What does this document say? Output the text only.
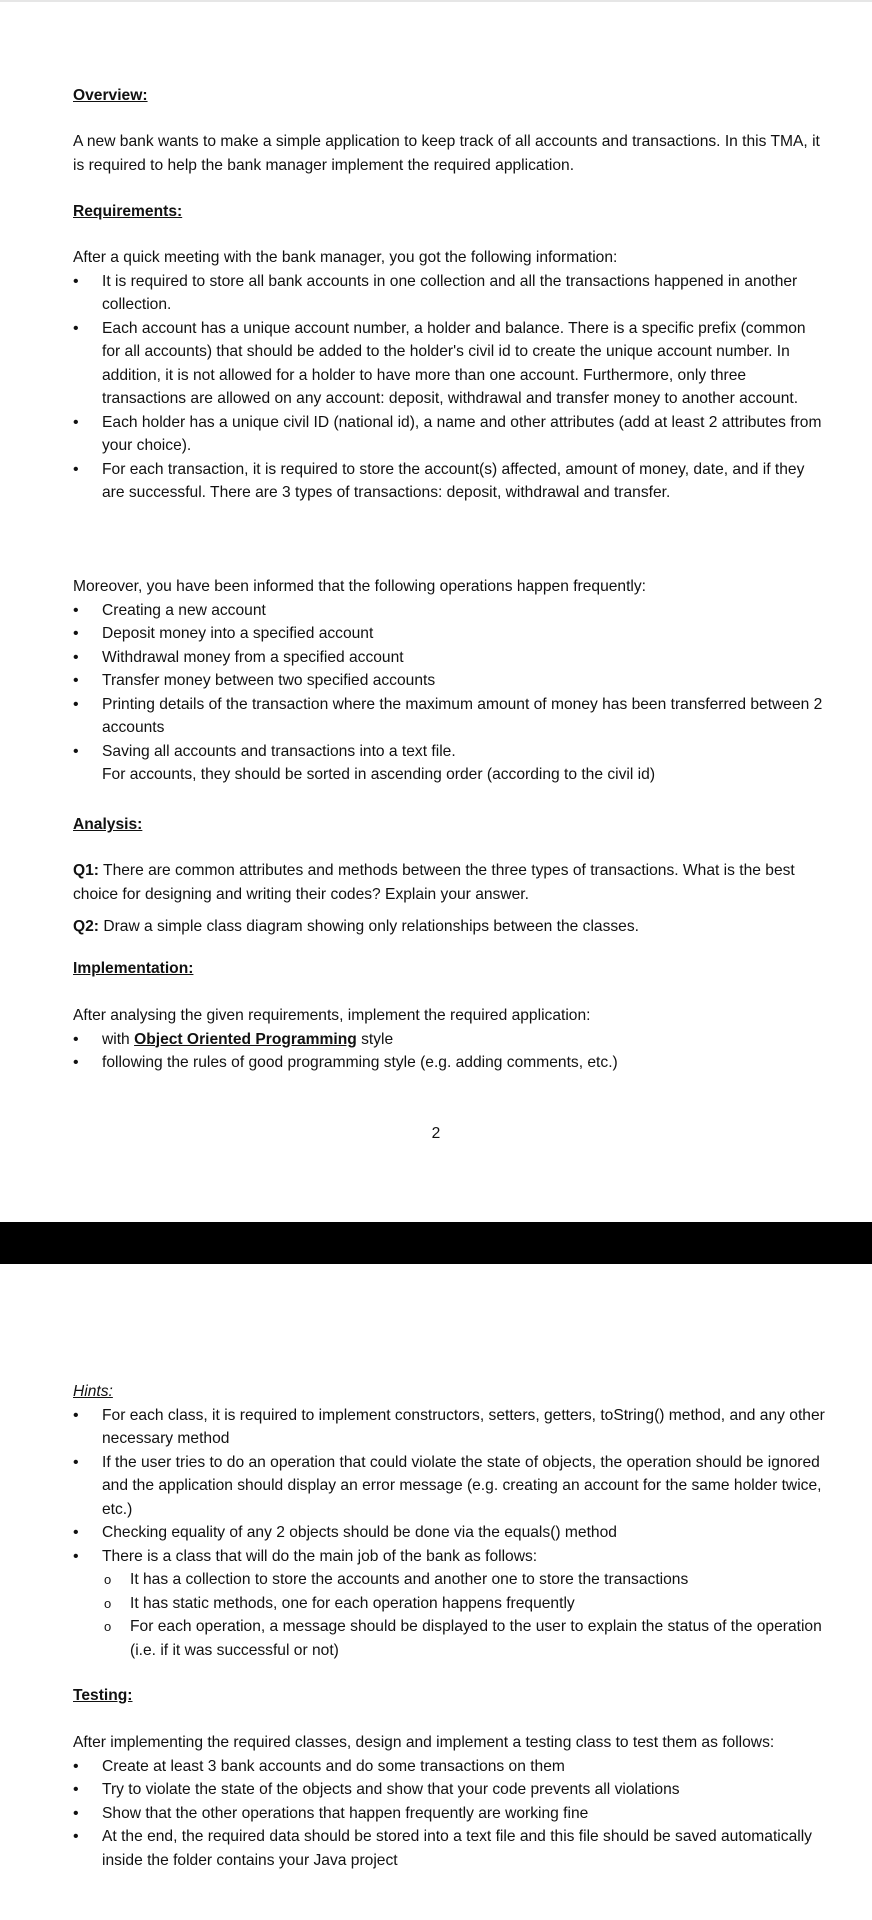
Overview:

A new bank wants to make a simple application to keep track of all accounts and transactions. In this TMA, it is required to help the bank manager implement the required application.

Requirements:

After a quick meeting with the bank manager, you got the following information:

• It is required to store all bank accounts in one collection and all the transactions happened in another collection.
• Each account has a unique account number, a holder and balance. There is a specific prefix (common for all accounts) that should be added to the holder's civil id to create the unique account number. In addition, it is not allowed for a holder to have more than one account. Furthermore, only three transactions are allowed on any account: deposit, withdrawal and transfer money to another account.
• Each holder has a unique civil ID (national id), a name and other attributes (add at least 2 attributes from your choice).
• For each transaction, it is required to store the account(s) affected, amount of money, date, and if they are successful. There are 3 types of transactions: deposit, withdrawal and transfer.

Moreover, you have been informed that the following operations happen frequently:

• Creating a new account
• Deposit money into a specified account
• Withdrawal money from a specified account
• Transfer money between two specified accounts
• Printing details of the transaction where the maximum amount of money has been transferred between 2 accounts
• Saving all accounts and transactions into a text file.

For accounts, they should be sorted in ascending order (according to the civil id)

Analysis:

Q1: There are common attributes and methods between the three types of transactions. What is the best choice for designing and writing their codes? Explain your answer.

Q2: Draw a simple class diagram showing only relationships between the classes.

Implementation:

After analysing the given requirements, implement the required application:

• with Object Oriented Programming style
• following the rules of good programming style (e.g. adding comments, etc.)
2

Hints:

• For each class, it is required to implement constructors, setters, getters, toString() method, and any other necessary method
• If the user tries to do an operation that could violate the state of objects, the operation should be ignored and the application should display an error message (e.g. creating an account for the same holder twice, etc.)
• Checking equality of any 2 objects should be done via the equals() method
• There is a class that will do the main job of the bank as follows:
o It has a collection to store the accounts and another one to store the transactions
o It has static methods, one for each operation happens frequently
o For each operation, a message should be displayed to the user to explain the status of the operation (i.e. if it was successful or not)

Testing:

After implementing the required classes, design and implement a testing class to test them as follows:

• Create at least 3 bank accounts and do some transactions on them
• Try to violate the state of the objects and show that your code prevents all violations
• Show that the other operations that happen frequently are working fine
• At the end, the required data should be stored into a text file and this file should be saved automatically inside the folder contains your Java project
